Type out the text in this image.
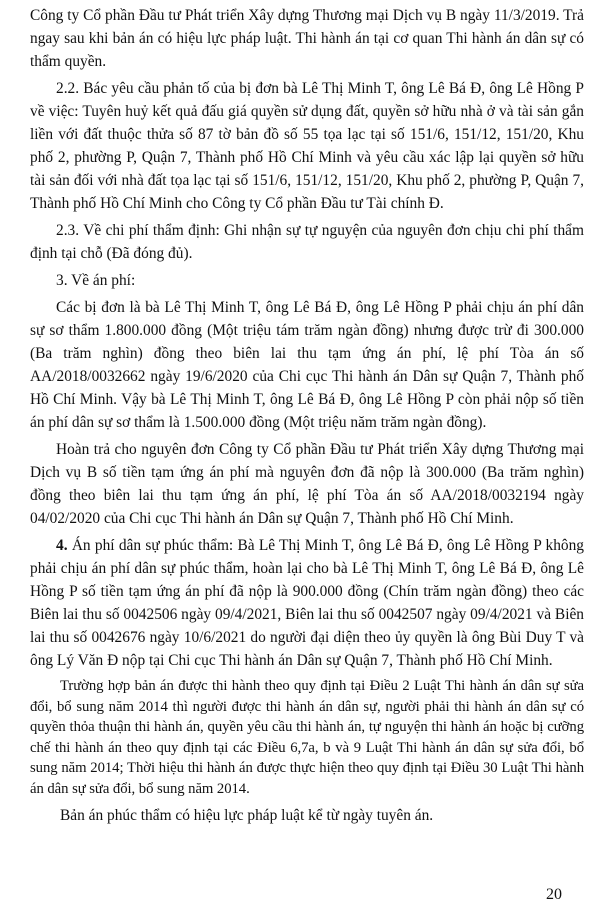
Công ty Cổ phần Đầu tư Phát triển Xây dựng Thương mại Dịch vụ B ngày 11/3/2019. Trả ngay sau khi bản án có hiệu lực pháp luật. Thi hành án tại cơ quan Thi hành án dân sự có thẩm quyền.

2.2. Bác yêu cầu phản tố của bị đơn bà Lê Thị Minh T, ông Lê Bá Đ, ông Lê Hồng P về việc: Tuyên huỷ kết quả đấu giá quyền sử dụng đất, quyền sở hữu nhà ở và tài sản gắn liền với đất thuộc thửa số 87 tờ bản đồ số 55 tọa lạc tại số 151/6, 151/12, 151/20, Khu phố 2, phường P, Quận 7, Thành phố Hồ Chí Minh và yêu cầu xác lập lại quyền sở hữu tài sản đối với nhà đất tọa lạc tại số 151/6, 151/12, 151/20, Khu phố 2, phường P, Quận 7, Thành phố Hồ Chí Minh cho Công ty Cổ phần Đầu tư Tài chính Đ.

2.3. Về chi phí thẩm định: Ghi nhận sự tự nguyện của nguyên đơn chịu chi phí thẩm định tại chỗ (Đã đóng đủ).

3. Về án phí:

Các bị đơn là bà Lê Thị Minh T, ông Lê Bá Đ, ông Lê Hồng P phải chịu án phí dân sự sơ thẩm 1.800.000 đồng (Một triệu tám trăm ngàn đồng) nhưng được trừ đi 300.000 (Ba trăm nghìn) đồng theo biên lai thu tạm ứng án phí, lệ phí Tòa án số AA/2018/0032662 ngày 19/6/2020 của Chi cục Thi hành án Dân sự Quận 7, Thành phố Hồ Chí Minh. Vậy bà Lê Thị Minh T, ông Lê Bá Đ, ông Lê Hồng P còn phải nộp số tiền án phí dân sự sơ thẩm là 1.500.000 đồng (Một triệu năm trăm ngàn đồng).

Hoàn trả cho nguyên đơn Công ty Cổ phần Đầu tư Phát triển Xây dựng Thương mại Dịch vụ B số tiền tạm ứng án phí mà nguyên đơn đã nộp là 300.000 (Ba trăm nghìn) đồng theo biên lai thu tạm ứng án phí, lệ phí Tòa án số AA/2018/0032194 ngày 04/02/2020 của Chi cục Thi hành án Dân sự Quận 7, Thành phố Hồ Chí Minh.

4. Án phí dân sự phúc thẩm: Bà Lê Thị Minh T, ông Lê Bá Đ, ông Lê Hồng P không phải chịu án phí dân sự phúc thẩm, hoàn lại cho bà Lê Thị Minh T, ông Lê Bá Đ, ông Lê Hồng P số tiền tạm ứng án phí đã nộp là 900.000 đồng (Chín trăm ngàn đồng) theo các Biên lai thu số 0042506 ngày 09/4/2021, Biên lai thu số 0042507 ngày 09/4/2021 và Biên lai thu số 0042676 ngày 10/6/2021 do người đại diện theo ủy quyền là ông Bùi Duy T và ông Lý Văn Đ nộp tại Chi cục Thi hành án Dân sự Quận 7, Thành phố Hồ Chí Minh.

Trường hợp bản án được thi hành theo quy định tại Điều 2 Luật Thi hành án dân sự sửa đổi, bổ sung năm 2014 thì người được thi hành án dân sự, người phải thi hành án dân sự có quyền thỏa thuận thi hành án, quyền yêu cầu thi hành án, tự nguyện thi hành án hoặc bị cưỡng chế thi hành án theo quy định tại các Điều 6,7a, b và 9 Luật Thi hành án dân sự sửa đổi, bổ sung năm 2014; Thời hiệu thi hành án được thực hiện theo quy định tại Điều 30 Luật Thi hành án dân sự sửa đổi, bổ sung năm 2014.

Bản án phúc thẩm có hiệu lực pháp luật kể từ ngày tuyên án.

20
